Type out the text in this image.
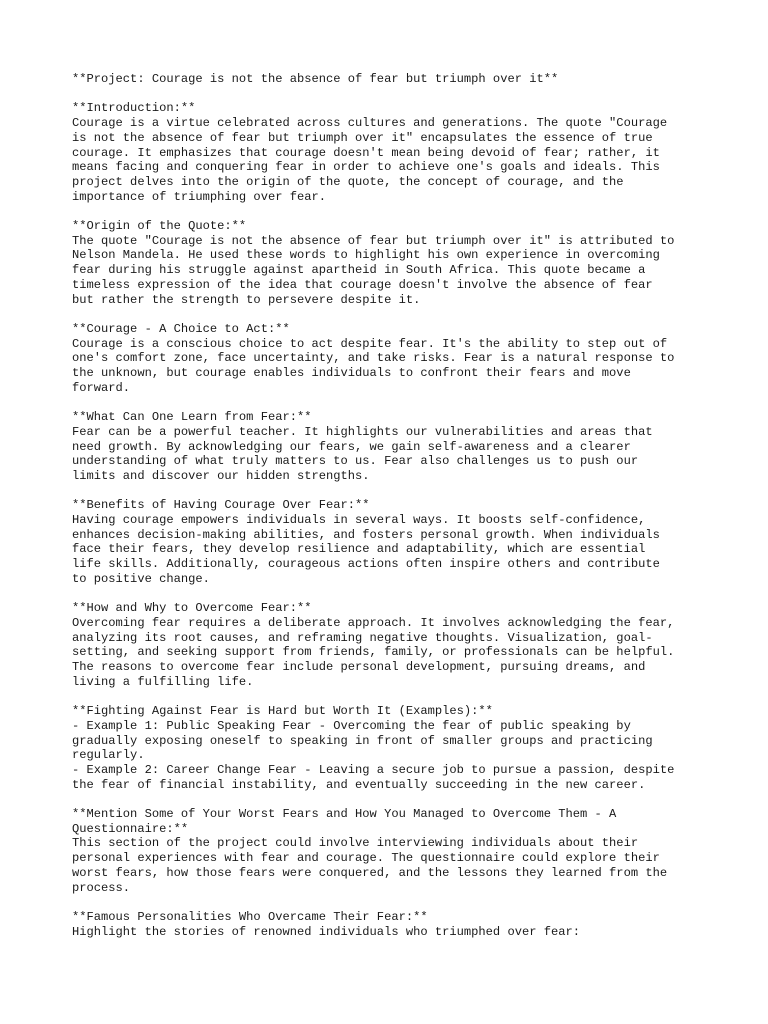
**Project: Courage is not the absence of fear but triumph over it**
**Introduction:**
Courage is a virtue celebrated across cultures and generations. The quote "Courage
is not the absence of fear but triumph over it" encapsulates the essence of true
courage. It emphasizes that courage doesn't mean being devoid of fear; rather, it
means facing and conquering fear in order to achieve one's goals and ideals. This
project delves into the origin of the quote, the concept of courage, and the
importance of triumphing over fear.
**Origin of the Quote:**
The quote "Courage is not the absence of fear but triumph over it" is attributed to
Nelson Mandela. He used these words to highlight his own experience in overcoming
fear during his struggle against apartheid in South Africa. This quote became a
timeless expression of the idea that courage doesn't involve the absence of fear
but rather the strength to persevere despite it.
**Courage - A Choice to Act:**
Courage is a conscious choice to act despite fear. It's the ability to step out of
one's comfort zone, face uncertainty, and take risks. Fear is a natural response to
the unknown, but courage enables individuals to confront their fears and move
forward.
**What Can One Learn from Fear:**
Fear can be a powerful teacher. It highlights our vulnerabilities and areas that
need growth. By acknowledging our fears, we gain self-awareness and a clearer
understanding of what truly matters to us. Fear also challenges us to push our
limits and discover our hidden strengths.
**Benefits of Having Courage Over Fear:**
Having courage empowers individuals in several ways. It boosts self-confidence,
enhances decision-making abilities, and fosters personal growth. When individuals
face their fears, they develop resilience and adaptability, which are essential
life skills. Additionally, courageous actions often inspire others and contribute
to positive change.
**How and Why to Overcome Fear:**
Overcoming fear requires a deliberate approach. It involves acknowledging the fear,
analyzing its root causes, and reframing negative thoughts. Visualization, goal-
setting, and seeking support from friends, family, or professionals can be helpful.
The reasons to overcome fear include personal development, pursuing dreams, and
living a fulfilling life.
**Fighting Against Fear is Hard but Worth It (Examples):**
- Example 1: Public Speaking Fear - Overcoming the fear of public speaking by
gradually exposing oneself to speaking in front of smaller groups and practicing
regularly.
- Example 2: Career Change Fear - Leaving a secure job to pursue a passion, despite
the fear of financial instability, and eventually succeeding in the new career.
**Mention Some of Your Worst Fears and How You Managed to Overcome Them - A
Questionnaire:**
This section of the project could involve interviewing individuals about their
personal experiences with fear and courage. The questionnaire could explore their
worst fears, how those fears were conquered, and the lessons they learned from the
process.
**Famous Personalities Who Overcame Their Fear:**
Highlight the stories of renowned individuals who triumphed over fear:
